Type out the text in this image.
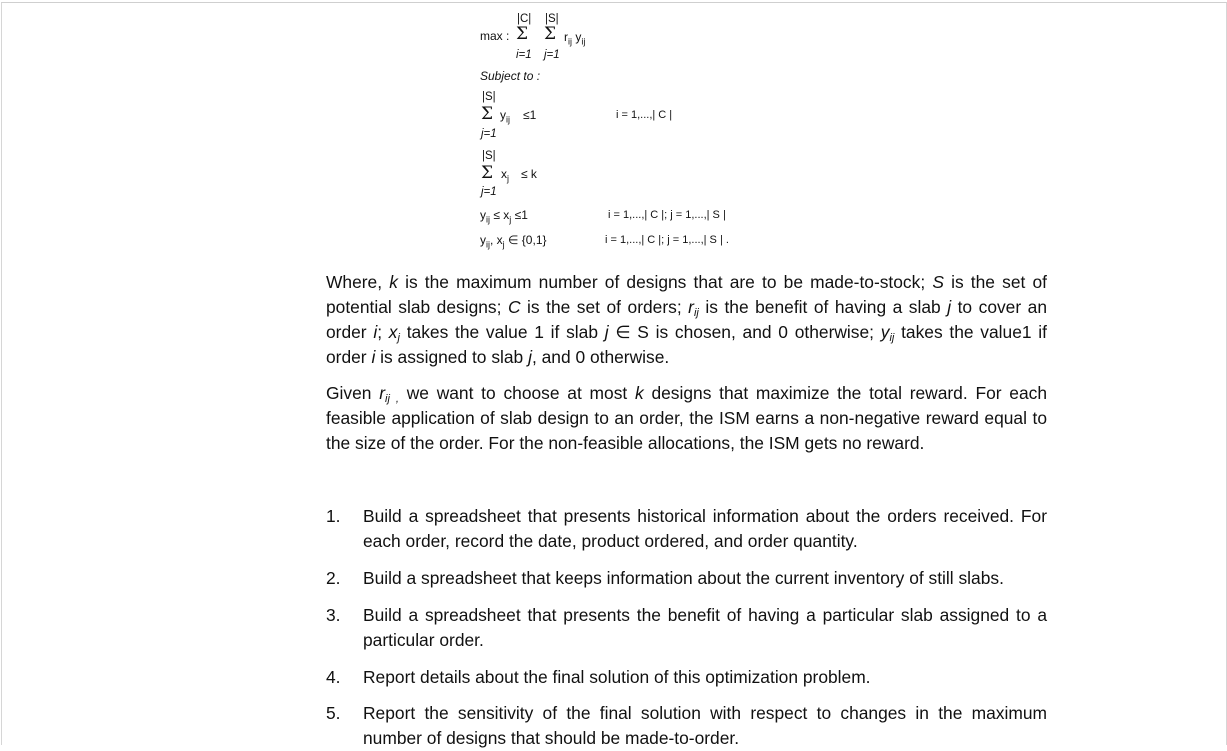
|C| |S|
max : Σ Σ $r_{ij}$ $y_{ij}$
i=1 j=1
Subject to :
|S|
Σ $y_{ij} \le 1$	i = 1,...,| C |
j=1
|S|
Σ $x_j \le k$
j=1
$y_{ij} \le x_j \le 1$	i = 1,...,| C |; j = 1,...,| S |
$y_{ij}$, $x_j$ ∈ {0,1}	i = 1,...,| C |; j = 1,...,| S | .

Where, k is the maximum number of designs that are to be made-to-stock; S is the set of potential slab designs; C is the set of orders; $r_{ij}$ is the benefit of having a slab j to cover an order i; $x_j$ takes the value 1 if slab j ∈ S is chosen, and 0 otherwise; $y_{ij}$ takes the value1 if order i is assigned to slab j, and 0 otherwise.

Given $r_{ij ,}$ we want to choose at most k designs that maximize the total reward. For each feasible application of slab design to an order, the ISM earns a non-negative reward equal to the size of the order. For the non-feasible allocations, the ISM gets no reward.

1. Build a spreadsheet that presents historical information about the orders received. For each order, record the date, product ordered, and order quantity.
2. Build a spreadsheet that keeps information about the current inventory of still slabs.
3. Build a spreadsheet that presents the benefit of having a particular slab assigned to a particular order.
4. Report details about the final solution of this optimization problem.
5. Report the sensitivity of the final solution with respect to changes in the maximum number of designs that should be made-to-order.
